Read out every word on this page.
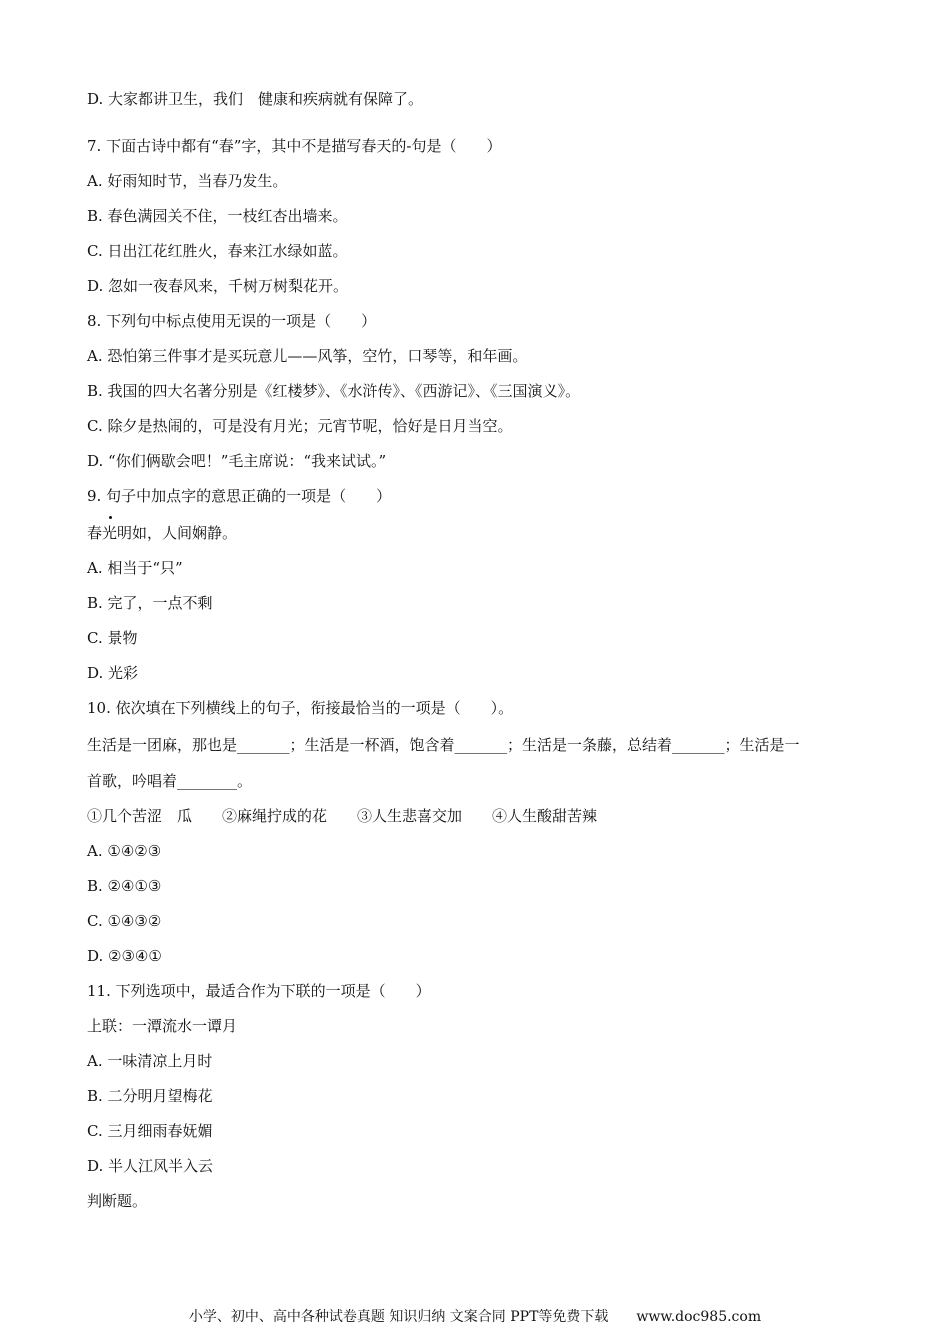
D. 大家都讲卫生，我们　健康和疾病就有保障了。
7. 下面古诗中都有“春”字，其中不是描写春天的-句是（　　）
A. 好雨知时节，当春乃发生。
B. 春色满园关不住，一枝红杏出墙来。
C. 日出江花红胜火，春来江水绿如蓝。
D. 忽如一夜春风来，千树万树梨花开。
8. 下列句中标点使用无误的一项是（　　）
A. 恐怕第三件事才是买玩意儿——风筝，空竹，口琴等，和年画。
B. 我国的四大名著分别是《红楼梦》、《水浒传》、《西游记》、《三国演义》。
C. 除夕是热闹的，可是没有月光；元宵节呢，恰好是日月当空。
D. “你们俩歇会吧！”毛主席说：“我来试试。”
9. 句子中加点字的意思正确的一项是（　　）
春光明如，人间娴静。
A. 相当于“只”
B. 完了，一点不剩
C. 景物
D. 光彩
10. 依次填在下列横线上的句子，衔接最恰当的一项是（　　）。
生活是一团麻，那也是_______；生活是一杯酒，饱含着_______；生活是一条藤，总结着_______；生活是一
首歌，吟唱着________。
①几个苦涩　瓜　　②麻绳拧成的花　　③人生悲喜交加　　④人生酸甜苦辣
A. ①④②③
B. ②④①③
C. ①④③②
D. ②③④①
11. 下列选项中，最适合作为下联的一项是（　　）
上联：一潭流水一谭月
A. 一味清凉上月时
B. 二分明月望梅花
C. 三月细雨春妩媚
D. 半人江风半入云
判断题。
小学、初中、高中各种试卷真题 知识归纳 文案合同 PPT等免费下载　　www.doc985.com
